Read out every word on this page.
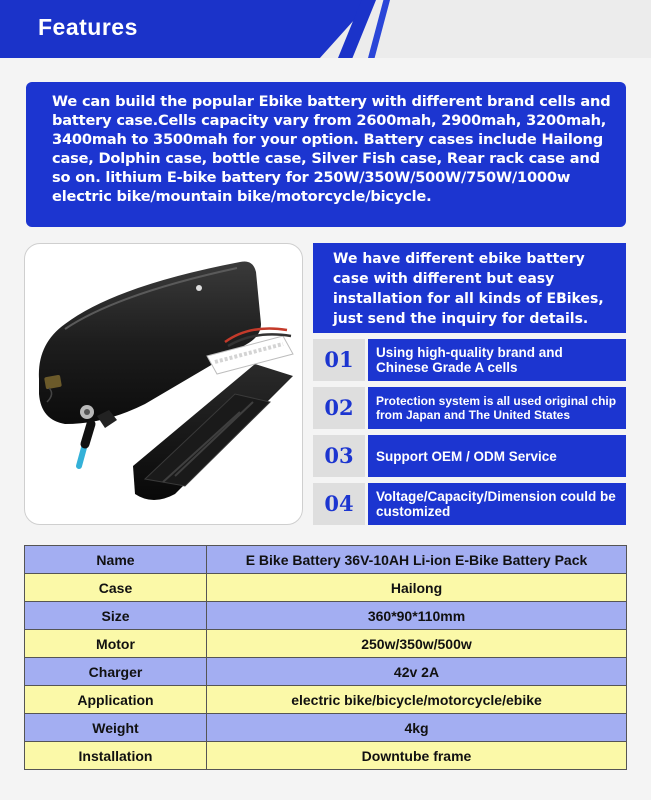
Features
We can build the popular Ebike battery with different brand cells and battery case.Cells capacity vary from 2600mah, 2900mah, 3200mah, 3400mah to 3500mah for your option. Battery cases include Hailong case, Dolphin case, bottle case, Silver Fish case, Rear rack case and so on. lithium E-bike battery for 250W/350W/500W/750W/1000w electric bike/mountain bike/motorcycle/bicycle.
We have different ebike battery case with different but easy installation for all kinds of EBikes, just send the inquiry for details.
01	Using high-quality brand and Chinese Grade A cells
02	Protection system is all used original chip from Japan and The United States
03	Support OEM / ODM Service
04	Voltage/Capacity/Dimension could be customized
Name	E Bike Battery 36V-10AH Li-ion E-Bike Battery Pack
Case	Hailong
Size	360*90*110mm
Motor	250w/350w/500w
Charger	42v 2A
Application	electric bike/bicycle/motorcycle/ebike
Weight	4kg
Installation	Downtube frame
